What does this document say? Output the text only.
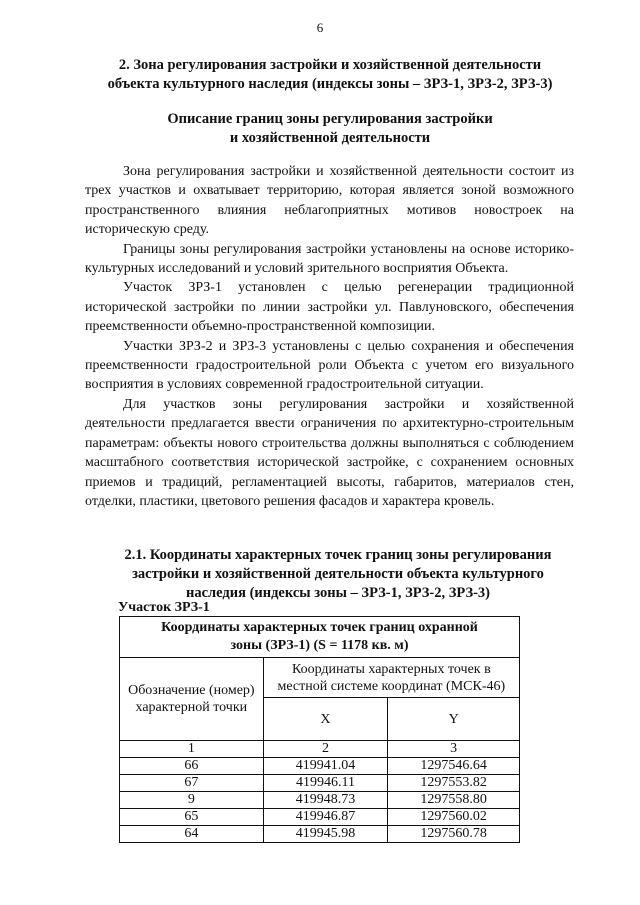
6
2. Зона регулирования застройки и хозяйственной деятельности
объекта культурного наследия (индексы зоны – ЗРЗ-1, ЗРЗ-2, ЗРЗ-3)
Описание границ зоны регулирования застройки
и хозяйственной деятельности

Зона регулирования застройки и хозяйственной деятельности состоит из трех участков и охватывает территорию, которая является зоной возможного пространственного влияния неблагоприятных мотивов новостроек на историческую среду.

Границы зоны регулирования застройки установлены на основе историко-культурных исследований и условий зрительного восприятия Объекта.

Участок ЗРЗ-1 установлен с целью регенерации традиционной исторической застройки по линии застройки ул. Павлуновского, обеспечения преемственности объемно-пространственной композиции.

Участки ЗРЗ-2 и ЗРЗ-3 установлены с целью сохранения и обеспечения преемственности градостроительной роли Объекта с учетом его визуального восприятия в условиях современной градостроительной ситуации.

Для участков зоны регулирования застройки и хозяйственной деятельности предлагается ввести ограничения по архитектурно-строительным параметрам: объекты нового строительства должны выполняться с соблюдением масштабного соответствия исторической застройке, с сохранением основных приемов и традиций, регламентацией высоты, габаритов, материалов стен, отделки, пластики, цветового решения фасадов и характера кровель.

2.1. Координаты характерных точек границ зоны регулирования
застройки и хозяйственной деятельности объекта культурного
наследия (индексы зоны – ЗРЗ-1, ЗРЗ-2, ЗРЗ-3)
Участок ЗРЗ-1
Координаты характерных точек границ охранной
зоны (ЗРЗ-1) (S = 1178 кв. м)		
Обозначение (номер) характерной точки	Координаты характерных точек в местной системе координат (МСК-46)	
	X	Y
1	2	3
66	419941.04	1297546.64
67	419946.11	1297553.82
9	419948.73	1297558.80
65	419946.87	1297560.02
64	419945.98	1297560.78
